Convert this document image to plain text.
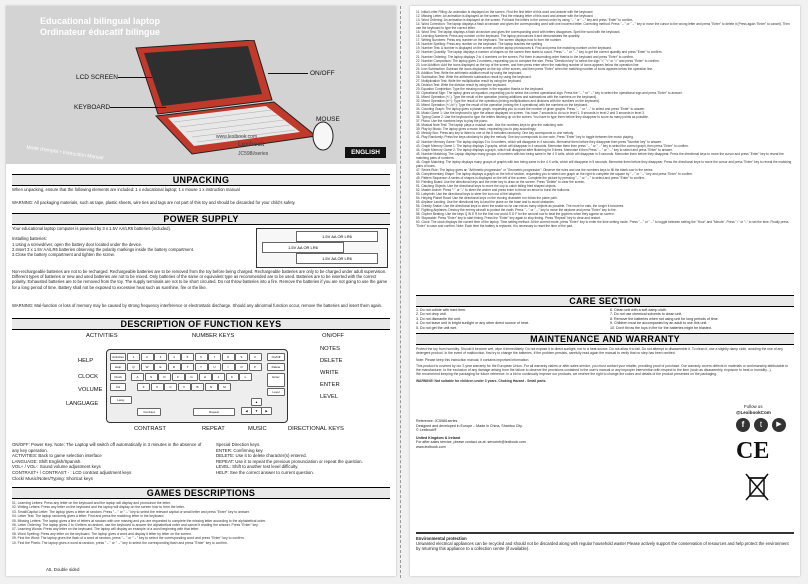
Educational bilingual laptop
Ordinateur éducatif bilingue
LCD SCREEN
ON/OFF
KEYBOARD
MOUSE
Lexibook
www.lexibook.com
JC598i/series
Mode d'emploi • Instruction Manual	ENGLISH
UNPACKING
When unpacking, ensure that the following elements are included: 1 x educational laptop; 1 x mouse 1 x instruction manual
WARNING: All packaging materials, such as tape, plastic sheets, wire ties and tags are not part of this toy and should be discarded for your child's safety.
POWER SUPPLY
Your educational laptop computer is powered by 3 x 1.5V AA/LR6 batteries (included).
Installing batteries:
1.Using a screwdriver, open the battery door located under the device.
2.Insert 3 x 1.5V AA/LR6 batteries observing the polarity markings inside the battery compartment.
3.Close the battery compartment and tighten the screw.
1.5V AA OR LR6
1.5V AA OR LR6
1.5V AA OR LR6
Non-rechargeable batteries are not to be recharged. Rechargeable batteries are to be removed from the toy before being charged. Rechargeable batteries are only to be charged under adult supervision. Different types of batteries or new and used batteries are not to be mixed. Only batteries of the same or equivalent type as recommended are to be used. Batteries are to be inserted with the correct polarity. Exhausted batteries are to be removed from the toy. The supply terminals are not to be short circuited. Do not throw batteries into a fire. Remove the batteries if you are not going to use the game for a long period of time. Battery shall not be exposed to excessive heat such as sunshine, fire or the like.
WARNING: Mal-function or loss of memory may be caused by strong frequency interference or electrostatic discharge. Should any abnormal function occur, remove the batteries and insert them again.
DESCRIPTION OF FUNCTION KEYS
ACTIVITIES	NUMBER KEYS	ON/OFF
HELP
NOTES
CLOCK
DELETE
VOLUME
WRITE
ENTER
LEVEL
LANGUAGE
CONTRAST	REPEAT	MUSIC	DIRECTIONAL KEYS
Activities	On/Off
Help
Clock
Vol
Lang.
Contrast	Repeat
Delete
Enter
Level
▲
◀	▼	▶
1	2	3	4	5	6	7	8	9	0
Q	W	E	R	T	Y	U	I	O	P
A	S	D	F	G	H	J	K	L
Z	X	C	V	B	N	M
ON/OFF: Power Key. Note: The Laptop will switch off automatically in 3 minutes in the absence of any key operation.
ACTIVITIES: Back to game selection interface
LANGUAGE: Shift English/Spanish.
VOL+ / VOL-: Sound volume adjustment keys
CONTRAST+ / CONTRAST - : LCD contrast adjustment keys
Clock/ Music/Notes/Typing: Shortcut keys
Special Direction keys.
ENTER: Confirming key.
DELETE: Use it to delete character(s) entered.
REPEAT: Use it to repeat the previous pronunciation or repeat the question.
LEVEL: Shift to another test level difficulty.
HELP: See the correct answer to current question.
GAMES DESCRIPTIONS
01. Learning Letters: Press any letter on the keyboard and the laptop will display and pronounce the letter.
02. Writing Letters: Press any letter on the keyboard and the laptop will display on the screen how to form the letter.
03. Small/Capital Letter: The laptop gives a letter at random. Press "←" or "→" key to select the relevant capital or small letter and press "Enter" key to answer.
04. Letter Test: The laptop randomly gives a letter. Find and press the matching letter in the keyboard.
05. Missing Letters: The laptop gives a line of letters at random with one missing and you are requested to complete the missing letter according to the alphabetical order.
06. Letter Ordering: The laptop gives 2 to 4 letters at random, use the keyboard to answer the alphabetical order and cancel it reading the answer. Press "Enter" key.
07. Learning Words: Press any letter on the keyboard. The laptop will display an example of a word beginning with that letter.
08. Word Spelling: Press any letter on the keyboard. The laptop gives a word and display it letter by letter on the screen.
09. Find the Word: The laptop gives the flash of a word at random, press "←" or "→" key to select the corresponding word and press "Enter" key to confirm.
10. Find the Pixels: The laptop gives a word at random, press "←" or "→" key to select the corresponding flash and press "Enter" key to confirm.
A5, Double sided
11. Initial Letter Filling: An animation is displayed on the screen. Find the first letter of this word and answer with the keyboard.
12. Missing Letter: An animation is displayed on the screen. Find the missing letter of this word and answer with the keyboard.
13. Word Ordering: An animation is displayed on the screen. Put back the letters in the correct order by using "←" or "→" key and press "Enter" to confirm.
14. Word Correction: The laptop displays a flash at random and gives the corresponding word with one incorrect letter. Correcting method: Press "←" or "→" key to move the cursor to the wrong letter and press "Enter" to delete it (Press again "Enter" to cancel). Then use the keyboard to type the correct letter.
15. Word Test: The laptop displays a flash at random and gives the corresponding word with letters disappears. Spell the word with the keyboard.
16. Learning Numbers: Press any number on the keyboard. The laptop pronounces it and demonstrates the quantity.
17. Writing Numbers: Press any number on the keyboard. The screen displays how to form the number.
18. Number Spelling: Press any number on the keyboard. The laptop teaches the spelling.
19. Number Test: A number is displayed on the screen and the laptop pronounces it. Find and press the matching number on the keyboard.
20. Number Quantity: The laptop displays a number of shapes on the screen then starts to count. Press "←" or "→" key to get the correct quantity and press "Enter" to confirm.
21. Number Ordering: The laptop displays 2 to 4 numbers on the screen. Put them in ascending order thanks to the keyboard and press "Enter" to confirm.
22. Number Comparison: The laptop gives 2 numbers, requesting you to compare the size. Press "Direction key" to select the sign ">" "<" or "=" and press "Enter" to confirm.
23. Icon Addition: Add the icons displayed on the top of the screen, and then press enter when the matching number of icons appears below the operation line.
24. Icon Subtraction: Subtract the icons displayed on the top of the screen, and then press "Enter" when the matching number of icons appears below the operation line.
25. Addition Test: Write the arithmetic addition result by using the keyboard.
26. Subtraction Test: Write the arithmetic subtraction result by using the keyboard.
27. Multiplication Test: Write the multiplication result by using the keyboard.
28. Division Test: Write the division result by using the keyboard.
29. Equation Completion: Type the missing number in the equation thanks to the keyboard.
30. Operational Sign: The laptop gives an equation, requesting you to select the correct operational sign. Press the "←" or "→" key to select the operational sign and press "Enter" to answer.
31. Mixed Operation (+/-): Type the result of the operation (mixing additions and subtractions with the numbers on the keyboard).
32. Mixed Operation (x/÷): Type the result of the operation (mixing multiplications and divisions with the numbers on the keyboard).
33. Mixed Operation (+/-/x/÷): Type the result of the operation (mixing the 4 operations) with the numbers on the keyboard.
34. Counting Graph: The laptop gives a planar graph, requesting you to count the number of given graphs. Press "←" or "→" to select and press "Enter" to answer.
35. Music Game 1: Use the keyboard to type the album displayed on screen. You have 7 seconds to do so in level 1, 5 seconds in level 2 and 3 seconds in level 3.
36. Typing Game 2: Use the keyboard to type the letters flashing up on the screen. You have to type them before they disappear to score as many points as possible.
37. Piano: Use the numbers keys to play the piano.
38. Musical Note Test: The laptop plays a musical note. Use the numbers keys to give the matching note.
39. Play by Music: The laptop gives a music track, requesting you to play accordingly.
40. Melody Box: Press any key to listen to one of the 8 melodies randomly. One key corresponds to one melody.
41. Play Randomly: Press the keys randomly to play the melody. One key corresponds to one note. Press "Enter" key to toggle between the music playing.
42. Number Memory Game: The laptop displays 3 to 4 numbers, which will disappear in 4 seconds. Memorise them before they disappear then press "Number key" to answer.
43. Graph Memory Game 1: The laptop displays 2 graphs, which will disappear in 4 seconds. Memorise them then press "←" or "→" key to select the correct graph, then press "Enter" to confirm.
44. Graph Memory Game 2: The laptop displays a graph, which will disappear after flickering for 5 times. Memorise it then Press "←" or "→" key to select and press "Enter" to answer.
45. Number Matching: The Laptop displays many groups of numbers with two being same in the 4 X cells, which will disappear in 5 seconds. Memorise them before they disappear. Press the directional keys to move the cursor and press "Enter" key to reveal the matching pairs of numbers.
46. Graph Matching: The laptop displays many groups of graphs with two being same in the 4 X cells, which will disappear in 5 seconds. Memorise them before they disappear. Press the directional keys to move the cursor and press "Enter" key to reveal the matching pairs of icons.
47. Series Rule: The laptop gives an "Arithmetic progression" or "Geometric progression". Observe the rules and use the numbers keys to fill the blank cow in the series.
48. Complementary Shape: The laptop displays a graph on the left of section, requesting you to select one graph on the right to complete the square by "←" or "→" key and press "Enter" to confirm.
49. Pattern Sequence: A series of shapes is displayed on the left of the screen. Complete the picture by pressing "←" or "→" to select and press "Enter" to confirm.
50. Painting Board: Use the directional keys and the enter key to draw on the screen. Press "Delete" to clear the screen.
51. Catching Objects: Use the directional keys to move the cup to catch falling fried shaped objects.
52. Master Archer: Press "↑" or "↓" to steer the archer and press enter to throw an arrow to burst the balloons.
53. Labyrinth: Use the directional keys to steer the icon out of the labyrinth.
54. Helping Planet Road: Use the directional keys on the moving character run follow the plane path.
55. Airplane Landing: Use the directional key to land the plane on the base and to avoid obstacles.
56. Greedy Snake: Use the directional keys to steer the snake so he can eat as many objects as possible. The more he eats, the longer it becomes.
57. Fighting Airplanes: Destroy the enemy aircraft to protect the earth. Press "←" or "→" key to move the airplane and press "Enter" key to fire.
58. Gopher Beating: Use the keys Q W E R for the first row and A S D F for the second row to beat the gophers when they appear on screen.
59. Stopwatch: Press "Enter" key to start timing. Press the "Enter" key again to stop timing. Press "Repeat" key to clear and restart.
60. Clock: The clock displays the current time of the laptop. Time setting method: At the current mode, press "Enter" key to enter the time setting mode. Press "←" or "→" to toggle between setting the "Hour" and "Minute". Press "↑" or "↓" to set the time. Finally press "Enter" to save and confirm. Note: Each time the battery is replaced, it is necessary to reset the time of the pad.
CARE SECTION
1. Do not collide with hard item.
2. Do not drop unit.
3. Do not dismantle the unit.
4. Do not leave unit in bright sunlight or any other direct source of heat.
5. Do not get the unit wet.
6. Clean unit with a soft damp cloth.
7. Do not use chemical solvents to clean unit.
8. Remove the batteries when not using unit for long periods of time.
9. Children must be accompanied by an adult to use this unit.
10. Don't throw the toys in fire for the batteries might be blasted.
MAINTENANCE AND WARRANTY
Protect the toy from humidity. Should it become wet, wipe it immediately. Do not expose it to direct sunlight, nor to a heat source. Do not allow it to fall. Do not attempt to disassemble it. To clean it, use a slightly damp cloth, avoiding the use of any detergent product. In the event of malfunction, first try to change the batteries. If the problem persists, carefully read again the manual to verify that no step has been omitted.
Note: Please keep this instruction manual, it contains important information.
This product is covered by our 2-year warranty for the European Union. For all warranty claims or after-sales service, you must contact your retailer, providing proof of purchase. Our warranty covers defects in materials or workmanship attributable to the manufacturer, to the exclusion of any damage arising from the failure to observe the provisions contained in the user's manual or any improper intervention with respect to the item (such as disassembly, exposure to heat or humidity...).
We recommend keeping the packaging for future reference. In a bid to continually improve our products, we reserve the right to change the colors and details of the product presented on the packaging.
WARNING! Not suitable for children under 3 years. Choking Hazard - Small parts.
Reference: JC598i1series
Designed and developed in Europe – Made in China, Shantou City.
© Lexibook®
United Kingdom & Ireland
For after-sales service, please contact us at: sercoinfr@lexibook.com
www.lexibook.com
Follow us
@LexibookCom
f	t	▶
CE
Environmental protection
Unwanted electrical appliances can be recycled and should not be discarded along with regular household waste! Please actively support the conservation of resources and help protect the environment by returning this appliance to a collection centre (if available).
